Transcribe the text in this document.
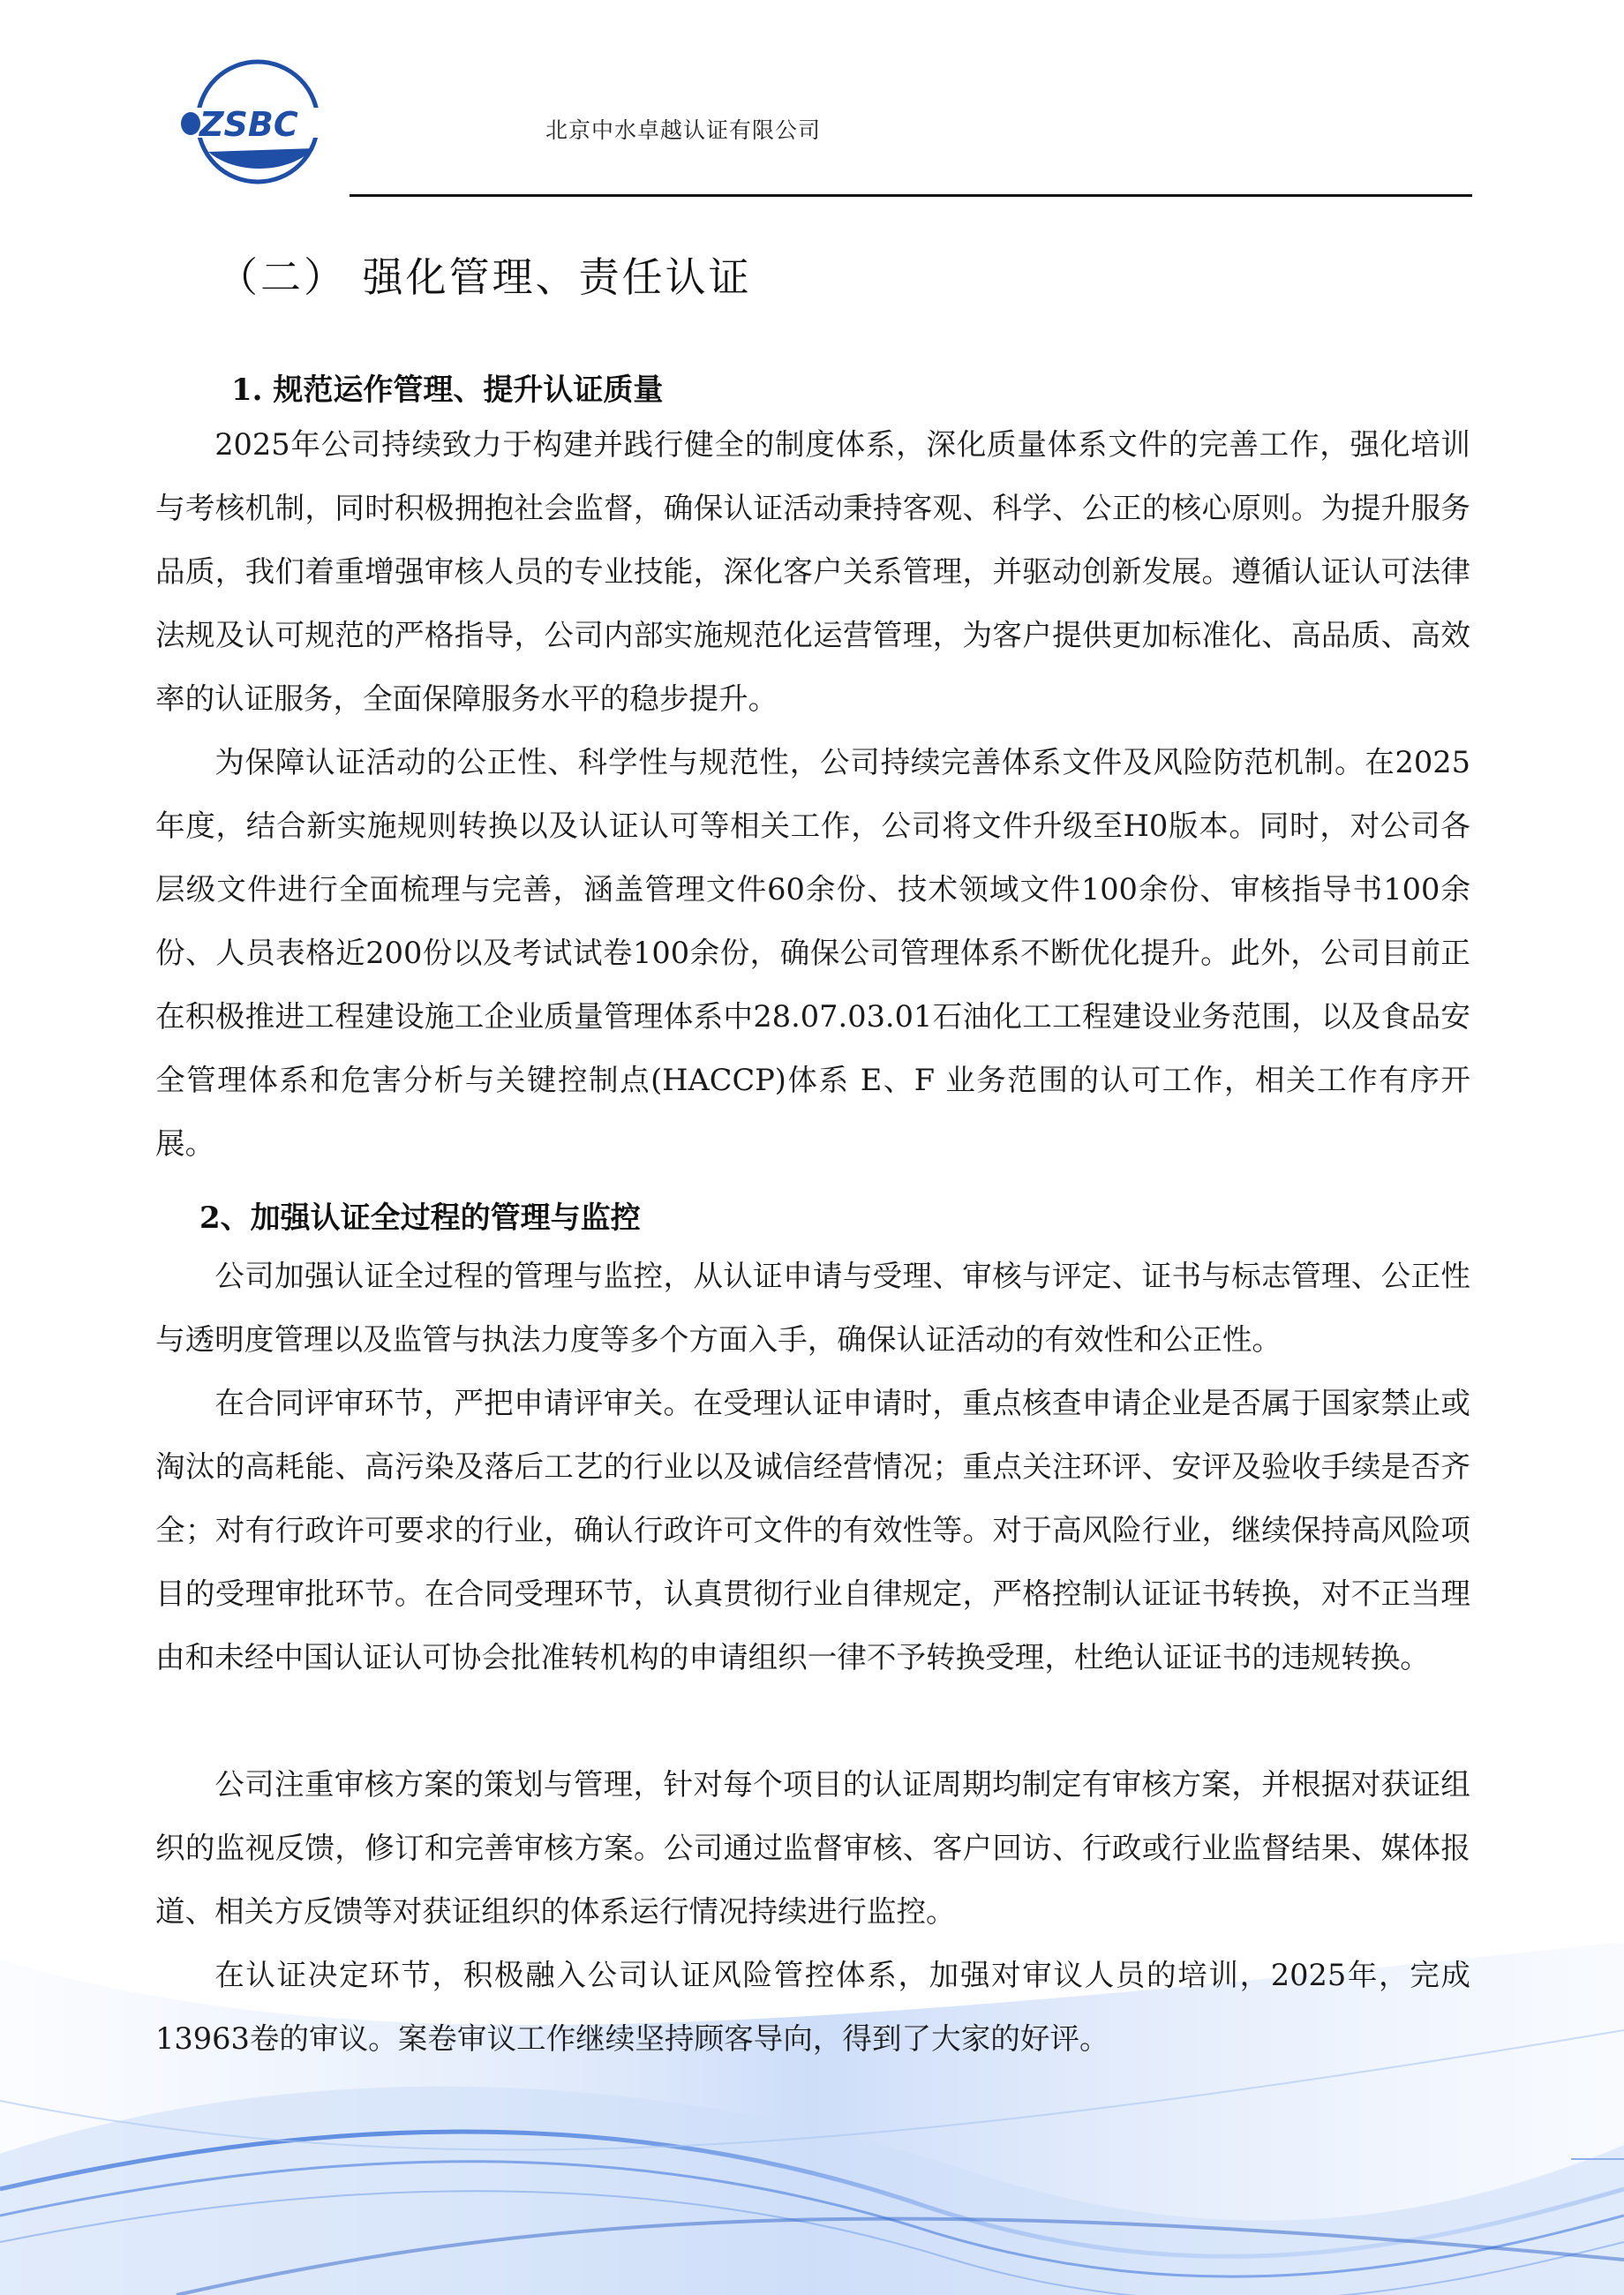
ZSBC	北京中水卓越认证有限公司
（二） 强化管理、责任认证
1. 规范运作管理、提升认证质量

2025年公司持续致力于构建并践行健全的制度体系，深化质量体系文件的完善工作，强化培训与考核机制，同时积极拥抱社会监督，确保认证活动秉持客观、科学、公正的核心原则。为提升服务品质，我们着重增强审核人员的专业技能，深化客户关系管理，并驱动创新发展。遵循认证认可法律法规及认可规范的严格指导，公司内部实施规范化运营管理，为客户提供更加标准化、高品质、高效率的认证服务，全面保障服务水平的稳步提升。

为保障认证活动的公正性、科学性与规范性，公司持续完善体系文件及风险防范机制。在2025年度，结合新实施规则转换以及认证认可等相关工作，公司将文件升级至H0版本。同时，对公司各层级文件进行全面梳理与完善，涵盖管理文件60余份、技术领域文件100余份、审核指导书100余份、人员表格近200份以及考试试卷100余份，确保公司管理体系不断优化提升。此外，公司目前正在积极推进工程建设施工企业质量管理体系中28.07.03.01石油化工工程建设业务范围，以及食品安全管理体系和危害分析与关键控制点(HACCP)体系 E、F 业务范围的认可工作，相关工作有序开展。

2、加强认证全过程的管理与监控

公司加强认证全过程的管理与监控，从认证申请与受理、审核与评定、证书与标志管理、公正性与透明度管理以及监管与执法力度等多个方面入手，确保认证活动的有效性和公正性。

在合同评审环节，严把申请评审关。在受理认证申请时，重点核查申请企业是否属于国家禁止或淘汰的高耗能、高污染及落后工艺的行业以及诚信经营情况；重点关注环评、安评及验收手续是否齐全；对有行政许可要求的行业，确认行政许可文件的有效性等。对于高风险行业，继续保持高风险项目的受理审批环节。在合同受理环节，认真贯彻行业自律规定，严格控制认证证书转换，对不正当理由和未经中国认证认可协会批准转机构的申请组织一律不予转换受理，杜绝认证证书的违规转换。

公司注重审核方案的策划与管理，针对每个项目的认证周期均制定有审核方案，并根据对获证组织的监视反馈，修订和完善审核方案。公司通过监督审核、客户回访、行政或行业监督结果、媒体报道、相关方反馈等对获证组织的体系运行情况持续进行监控。

在认证决定环节，积极融入公司认证风险管控体系，加强对审议人员的培训，2025年，完成13963卷的审议。案卷审议工作继续坚持顾客导向，得到了大家的好评。
